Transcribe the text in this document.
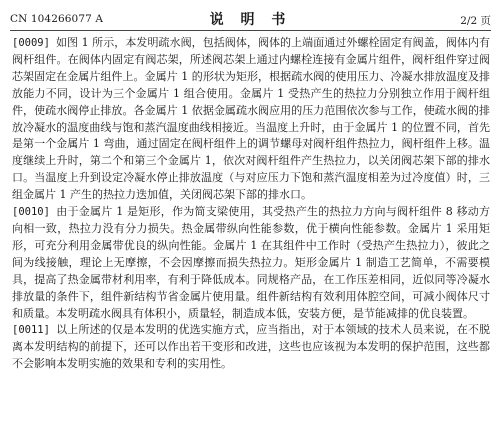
CN 104266077 A	说 明 书	2/2 页

[0009] 如图 1 所示，本发明疏水阀，包括阀体，阀体的上端面通过外螺栓固定有阀盖，阀体内有阀杆组件。在阀体内固定有阀芯架，所述阀芯架上通过内螺栓连接有金属片组件，阀杆组件穿过阀芯架固定在金属片组件上。金属片 1 的形状为矩形，根据疏水阀的使用压力、冷凝水排放温度及排放能力不同，设计为三个金属片 1 组合使用。金属片 1 受热产生的热拉力分别独立作用于阀杆组件，使疏水阀停止排放。各金属片 1 依据金属疏水阀应用的压力范围依次参与工作，使疏水阀的排放冷凝水的温度曲线与饱和蒸汽温度曲线相接近。当温度上升时，由于金属片 1 的位置不同，首先是第一个金属片 1 弯曲，通过固定在阀杆组件上的调节螺母对阀杆组件热拉力，阀杆组件上移。温度继续上升时，第二个和第三个金属片 1，依次对阀杆组件产生热拉力，以关闭阀芯架下部的排水口。当温度上升到设定冷凝水停止排放温度（与对应压力下饱和蒸汽温度相差为过冷度值）时，三组金属片 1 产生的热拉力迭加值，关闭阀芯架下部的排水口。

[0010] 由于金属片 1 是矩形，作为简支梁使用，其受热产生的热拉力方向与阀杆组件 8 移动方向相一致，热拉力没有分力损失。热金属带纵向性能参数，优于横向性能参数。金属片 1 采用矩形，可充分利用金属带优良的纵向性能。金属片 1 在其组件中工作时（受热产生热拉力），彼此之间为线接触，理论上无摩擦，不会因摩擦而损失热拉力。矩形金属片 1 制造工艺简单，不需要模具，提高了热金属带材利用率，有利于降低成本。同规格产品，在工作压差相同，近似同等冷凝水排放量的条件下，组件新结构节省金属片使用量。组件新结构有效利用体腔空间，可减小阀体尺寸和质量。本发明疏水阀具有体积小，质量轻，制造成本低，安装方便，是节能减排的优良装置。

[0011] 以上所述的仅是本发明的优选实施方式，应当指出，对于本领域的技术人员来说，在不脱离本发明结构的前提下，还可以作出若干变形和改进，这些也应该视为本发明的保护范围，这些都不会影响本发明实施的效果和专利的实用性。
